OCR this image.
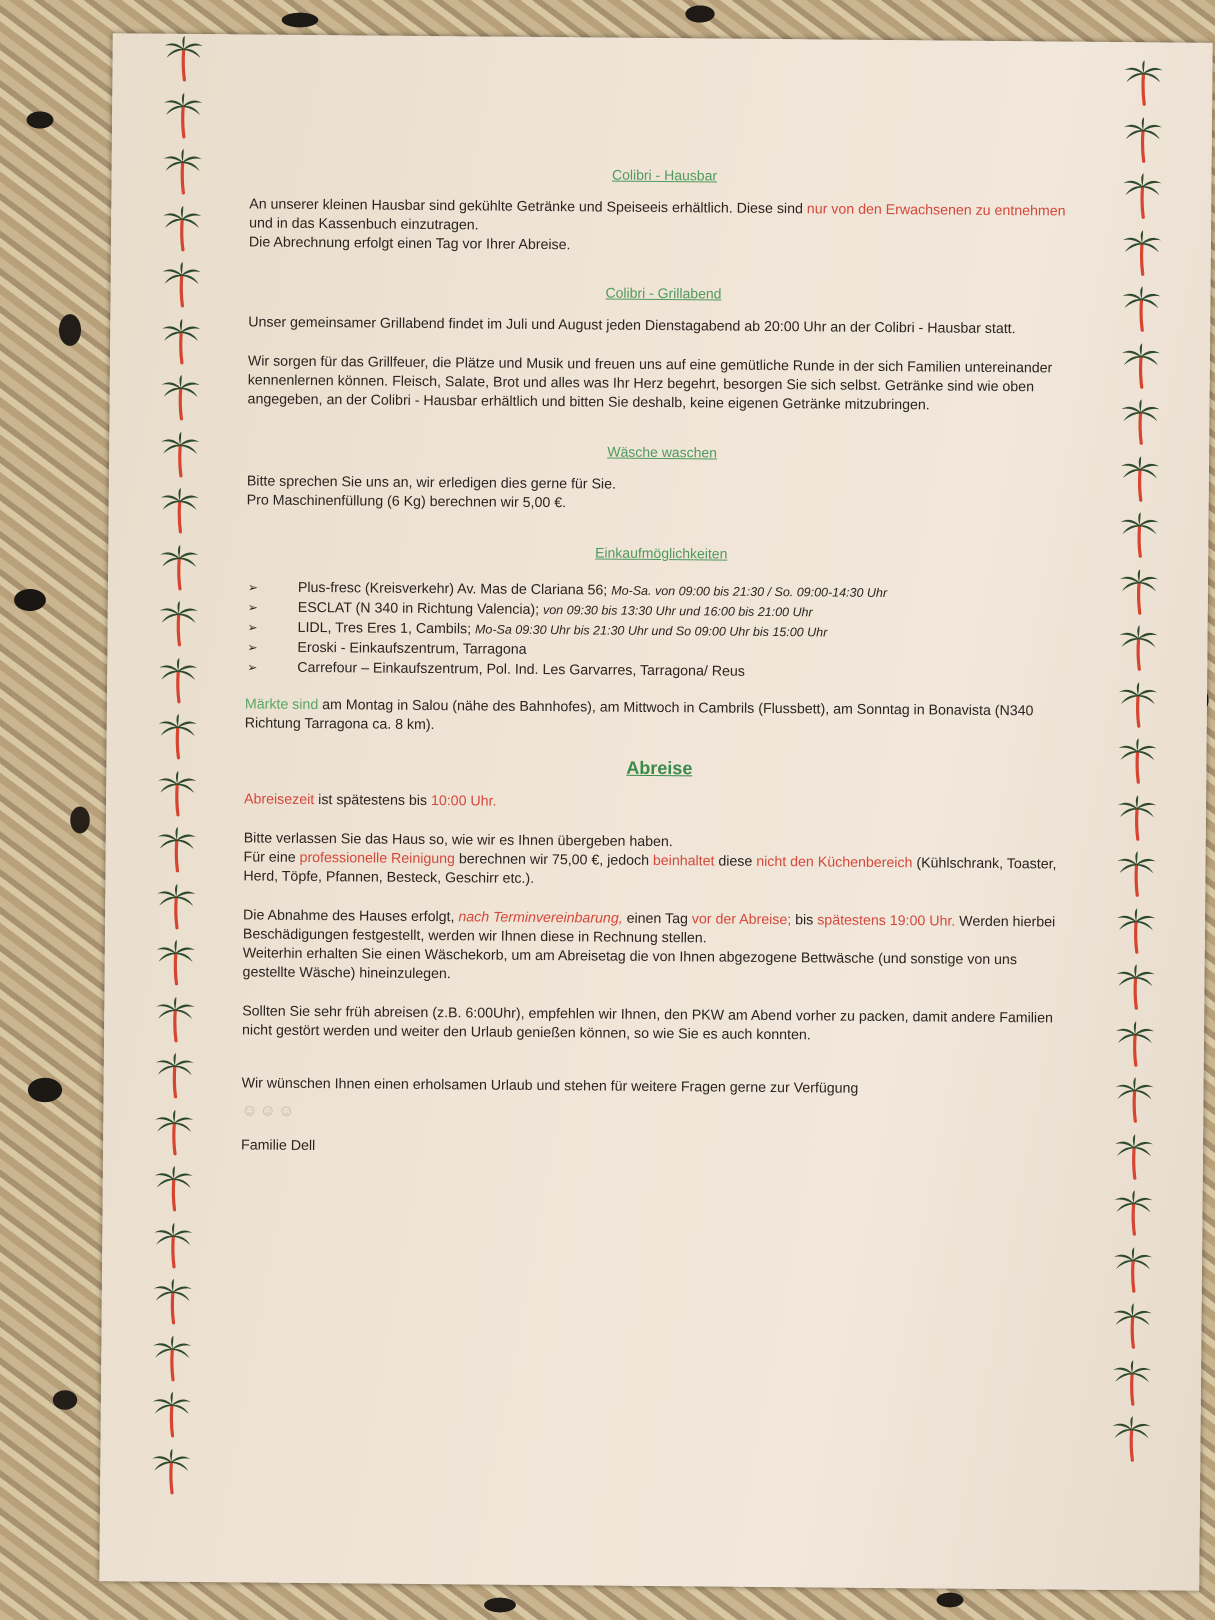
Colibri - Hausbar

An unserer kleinen Hausbar sind gekühlte Getränke und Speiseeis erhältlich. Diese sind nur von den Erwachsenen zu entnehmen und in das Kassenbuch einzutragen.
Die Abrechnung erfolgt einen Tag vor Ihrer Abreise.

Colibri - Grillabend

Unser gemeinsamer Grillabend findet im Juli und August jeden Dienstagabend ab 20:00 Uhr an der Colibri - Hausbar statt.

Wir sorgen für das Grillfeuer, die Plätze und Musik und freuen uns auf eine gemütliche Runde in der sich Familien untereinander kennenlernen können. Fleisch, Salate, Brot und alles was Ihr Herz begehrt, besorgen Sie sich selbst. Getränke sind wie oben angegeben, an der Colibri - Hausbar erhältlich und bitten Sie deshalb, keine eigenen Getränke mitzubringen.

Wäsche waschen

Bitte sprechen Sie uns an, wir erledigen dies gerne für Sie.
Pro Maschinenfüllung (6 Kg) berechnen wir 5,00 €.

Einkaufmöglichkeiten
➢	Plus-fresc (Kreisverkehr) Av. Mas de Clariana 56; Mo-Sa. von 09:00 bis 21:30 / So. 09:00-14:30 Uhr
➢	ESCLAT (N 340 in Richtung Valencia); von 09:30 bis 13:30 Uhr und 16:00 bis 21:00 Uhr
➢	LIDL, Tres Eres 1, Cambils; Mo-Sa 09:30 Uhr bis 21:30 Uhr und So 09:00 Uhr bis 15:00 Uhr
➢	Eroski - Einkaufszentrum, Tarragona
➢	Carrefour – Einkaufszentrum, Pol. Ind. Les Garvarres, Tarragona/ Reus

Märkte sind am Montag in Salou (nähe des Bahnhofes), am Mittwoch in Cambrils (Flussbett), am Sonntag in Bonavista (N340 Richtung Tarragona ca. 8 km).

Abreise

Abreisezeit ist spätestens bis 10:00 Uhr.

Bitte verlassen Sie das Haus so, wie wir es Ihnen übergeben haben.
Für eine professionelle Reinigung berechnen wir 75,00 €, jedoch beinhaltet diese nicht den Küchenbereich (Kühlschrank, Toaster, Herd, Töpfe, Pfannen, Besteck, Geschirr etc.).

Die Abnahme des Hauses erfolgt, nach Terminvereinbarung, einen Tag vor der Abreise; bis spätestens 19:00 Uhr. Werden hierbei Beschädigungen festgestellt, werden wir Ihnen diese in Rechnung stellen.
Weiterhin erhalten Sie einen Wäschekorb, um am Abreisetag die von Ihnen abgezogene Bettwäsche (und sonstige von uns gestellte Wäsche) hineinzulegen.

Sollten Sie sehr früh abreisen (z.B. 6:00Uhr), empfehlen wir Ihnen, den PKW am Abend vorher zu packen, damit andere Familien nicht gestört werden und weiter den Urlaub genießen können, so wie Sie es auch konnten.

Wir wünschen Ihnen einen erholsamen Urlaub und stehen für weitere Fragen gerne zur Verfügung

☺☺☺

Familie Dell
